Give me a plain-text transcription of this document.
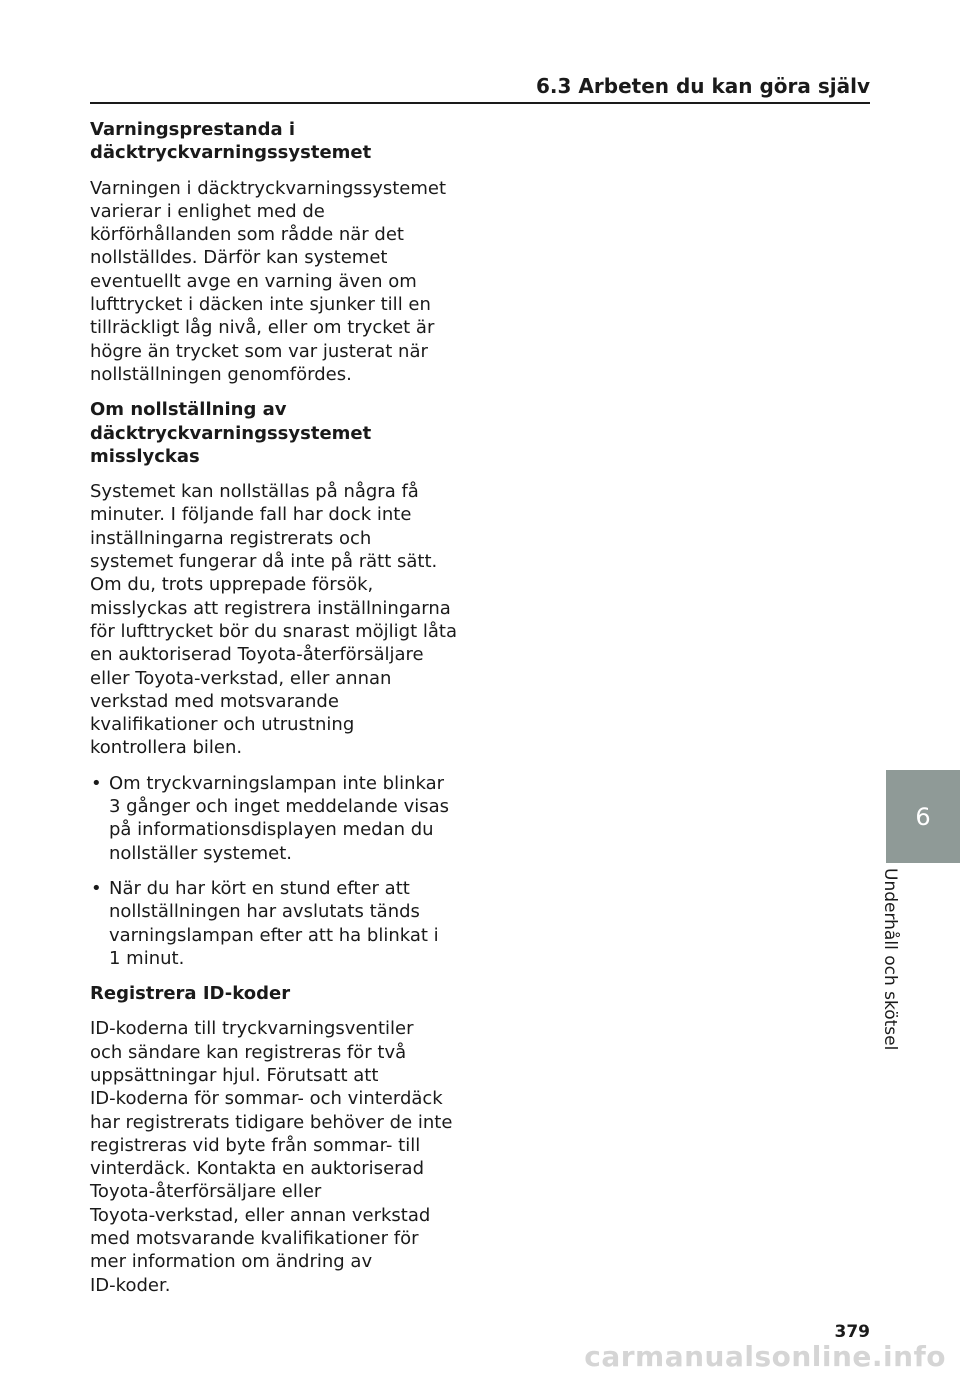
6.3 Arbeten du kan göra själv
Varningsprestanda i
däcktryckvarningssystemet

Varningen i däcktryckvarningssystemet
varierar i enlighet med de
körförhållanden som rådde när det
nollställdes. Därför kan systemet
eventuellt avge en varning även om
lufttrycket i däcken inte sjunker till en
tillräckligt låg nivå, eller om trycket är
högre än trycket som var justerat när
nollställningen genomfördes.

Om nollställning av
däcktryckvarningssystemet
misslyckas

Systemet kan nollställas på några få
minuter. I följande fall har dock inte
inställningarna registrerats och
systemet fungerar då inte på rätt sätt.
Om du, trots upprepade försök,
misslyckas att registrera inställningarna
för lufttrycket bör du snarast möjligt låta
en auktoriserad Toyota-återförsäljare
eller Toyota-verkstad, eller annan
verkstad med motsvarande
kvalifikationer och utrustning
kontrollera bilen.

• Om tryckvarningslampan inte blinkar
3 gånger och inget meddelande visas
på informationsdisplayen medan du
nollställer systemet.
• När du har kört en stund efter att
nollställningen har avslutats tänds
varningslampan efter att ha blinkat i
1 minut.
Registrera ID-koder

ID-koderna till tryckvarningsventiler
och sändare kan registreras för två
uppsättningar hjul. Förutsatt att
ID-koderna för sommar- och vinterdäck
har registrerats tidigare behöver de inte
registreras vid byte från sommar- till
vinterdäck. Kontakta en auktoriserad
Toyota-återförsäljare eller
Toyota-verkstad, eller annan verkstad
med motsvarande kvalifikationer för
mer information om ändring av
ID-koder.

6
Underhåll och skötsel
379
carmanualsonline.info
